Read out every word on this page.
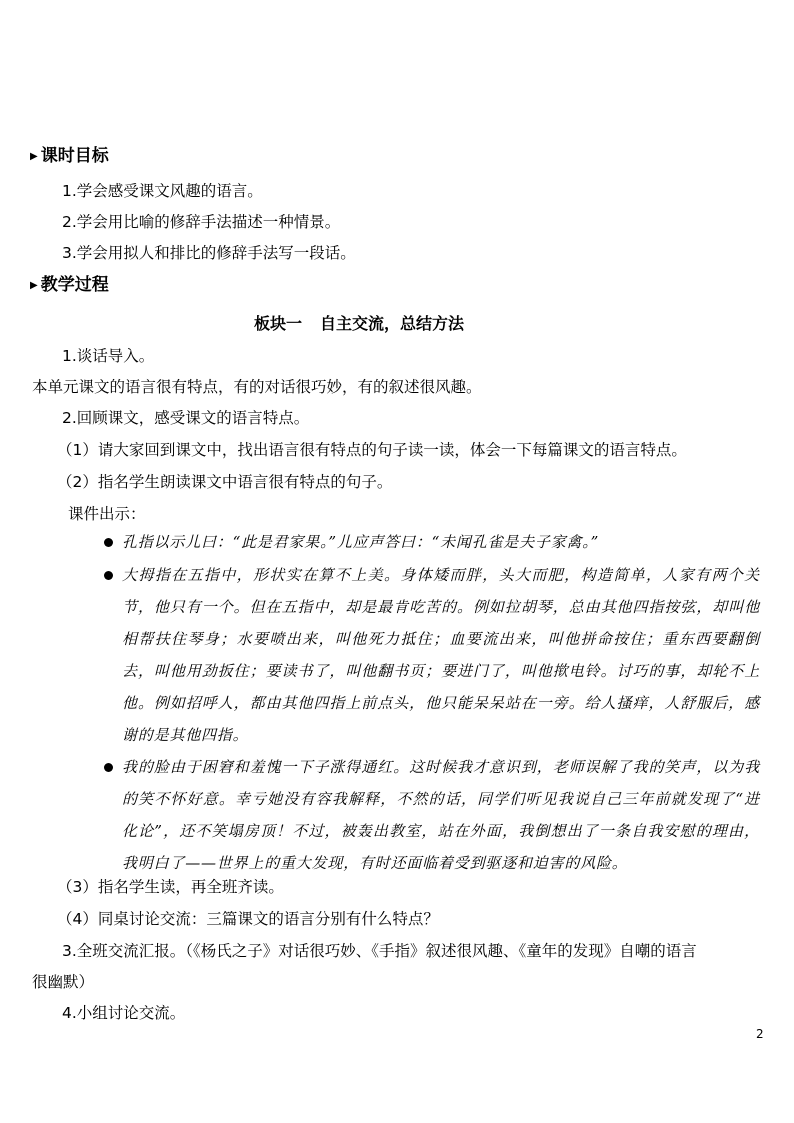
▶ 课时目标
1.学会感受课文风趣的语言。
2.学会用比喻的修辞手法描述一种情景。
3.学会用拟人和排比的修辞手法写一段话。
▶ 教学过程
板块一 自主交流，总结方法
1.谈话导入。
本单元课文的语言很有特点，有的对话很巧妙，有的叙述很风趣。
2.回顾课文，感受课文的语言特点。
（1）请大家回到课文中，找出语言很有特点的句子读一读，体会一下每篇课文的语言特点。
（2）指名学生朗读课文中语言很有特点的句子。
课件出示：
孔指以示儿曰：“此是君家果。”儿应声答曰：“未闻孔雀是夫子家禽。”
大拇指在五指中，形状实在算不上美。身体矮而胖，头大而肥，构造简单，人家有两个关
节，他只有一个。但在五指中，却是最肯吃苦的。例如拉胡琴，总由其他四指按弦，却叫他
相帮扶住琴身；水要喷出来，叫他死力抵住；血要流出来，叫他拼命按住；重东西要翻倒
去，叫他用劲扳住；要读书了，叫他翻书页；要进门了，叫他揿电铃。讨巧的事，却轮不上
他。例如招呼人，都由其他四指上前点头，他只能呆呆站在一旁。给人搔痒，人舒服后，感
谢的是其他四指。
我的脸由于困窘和羞愧一下子涨得通红。这时候我才意识到，老师误解了我的笑声，以为我
的笑不怀好意。幸亏她没有容我解释，不然的话，同学们听见我说自己三年前就发现了“进
化论”，还不笑塌房顶！不过，被轰出教室，站在外面，我倒想出了一条自我安慰的理由，
我明白了——世界上的重大发现，有时还面临着受到驱逐和迫害的风险。
（3）指名学生读，再全班齐读。
（4）同桌讨论交流：三篇课文的语言分别有什么特点？
3.全班交流汇报。（《杨氏之子》对话很巧妙、《手指》叙述很风趣、《童年的发现》自嘲的语言
很幽默）
4.小组讨论交流。
2
